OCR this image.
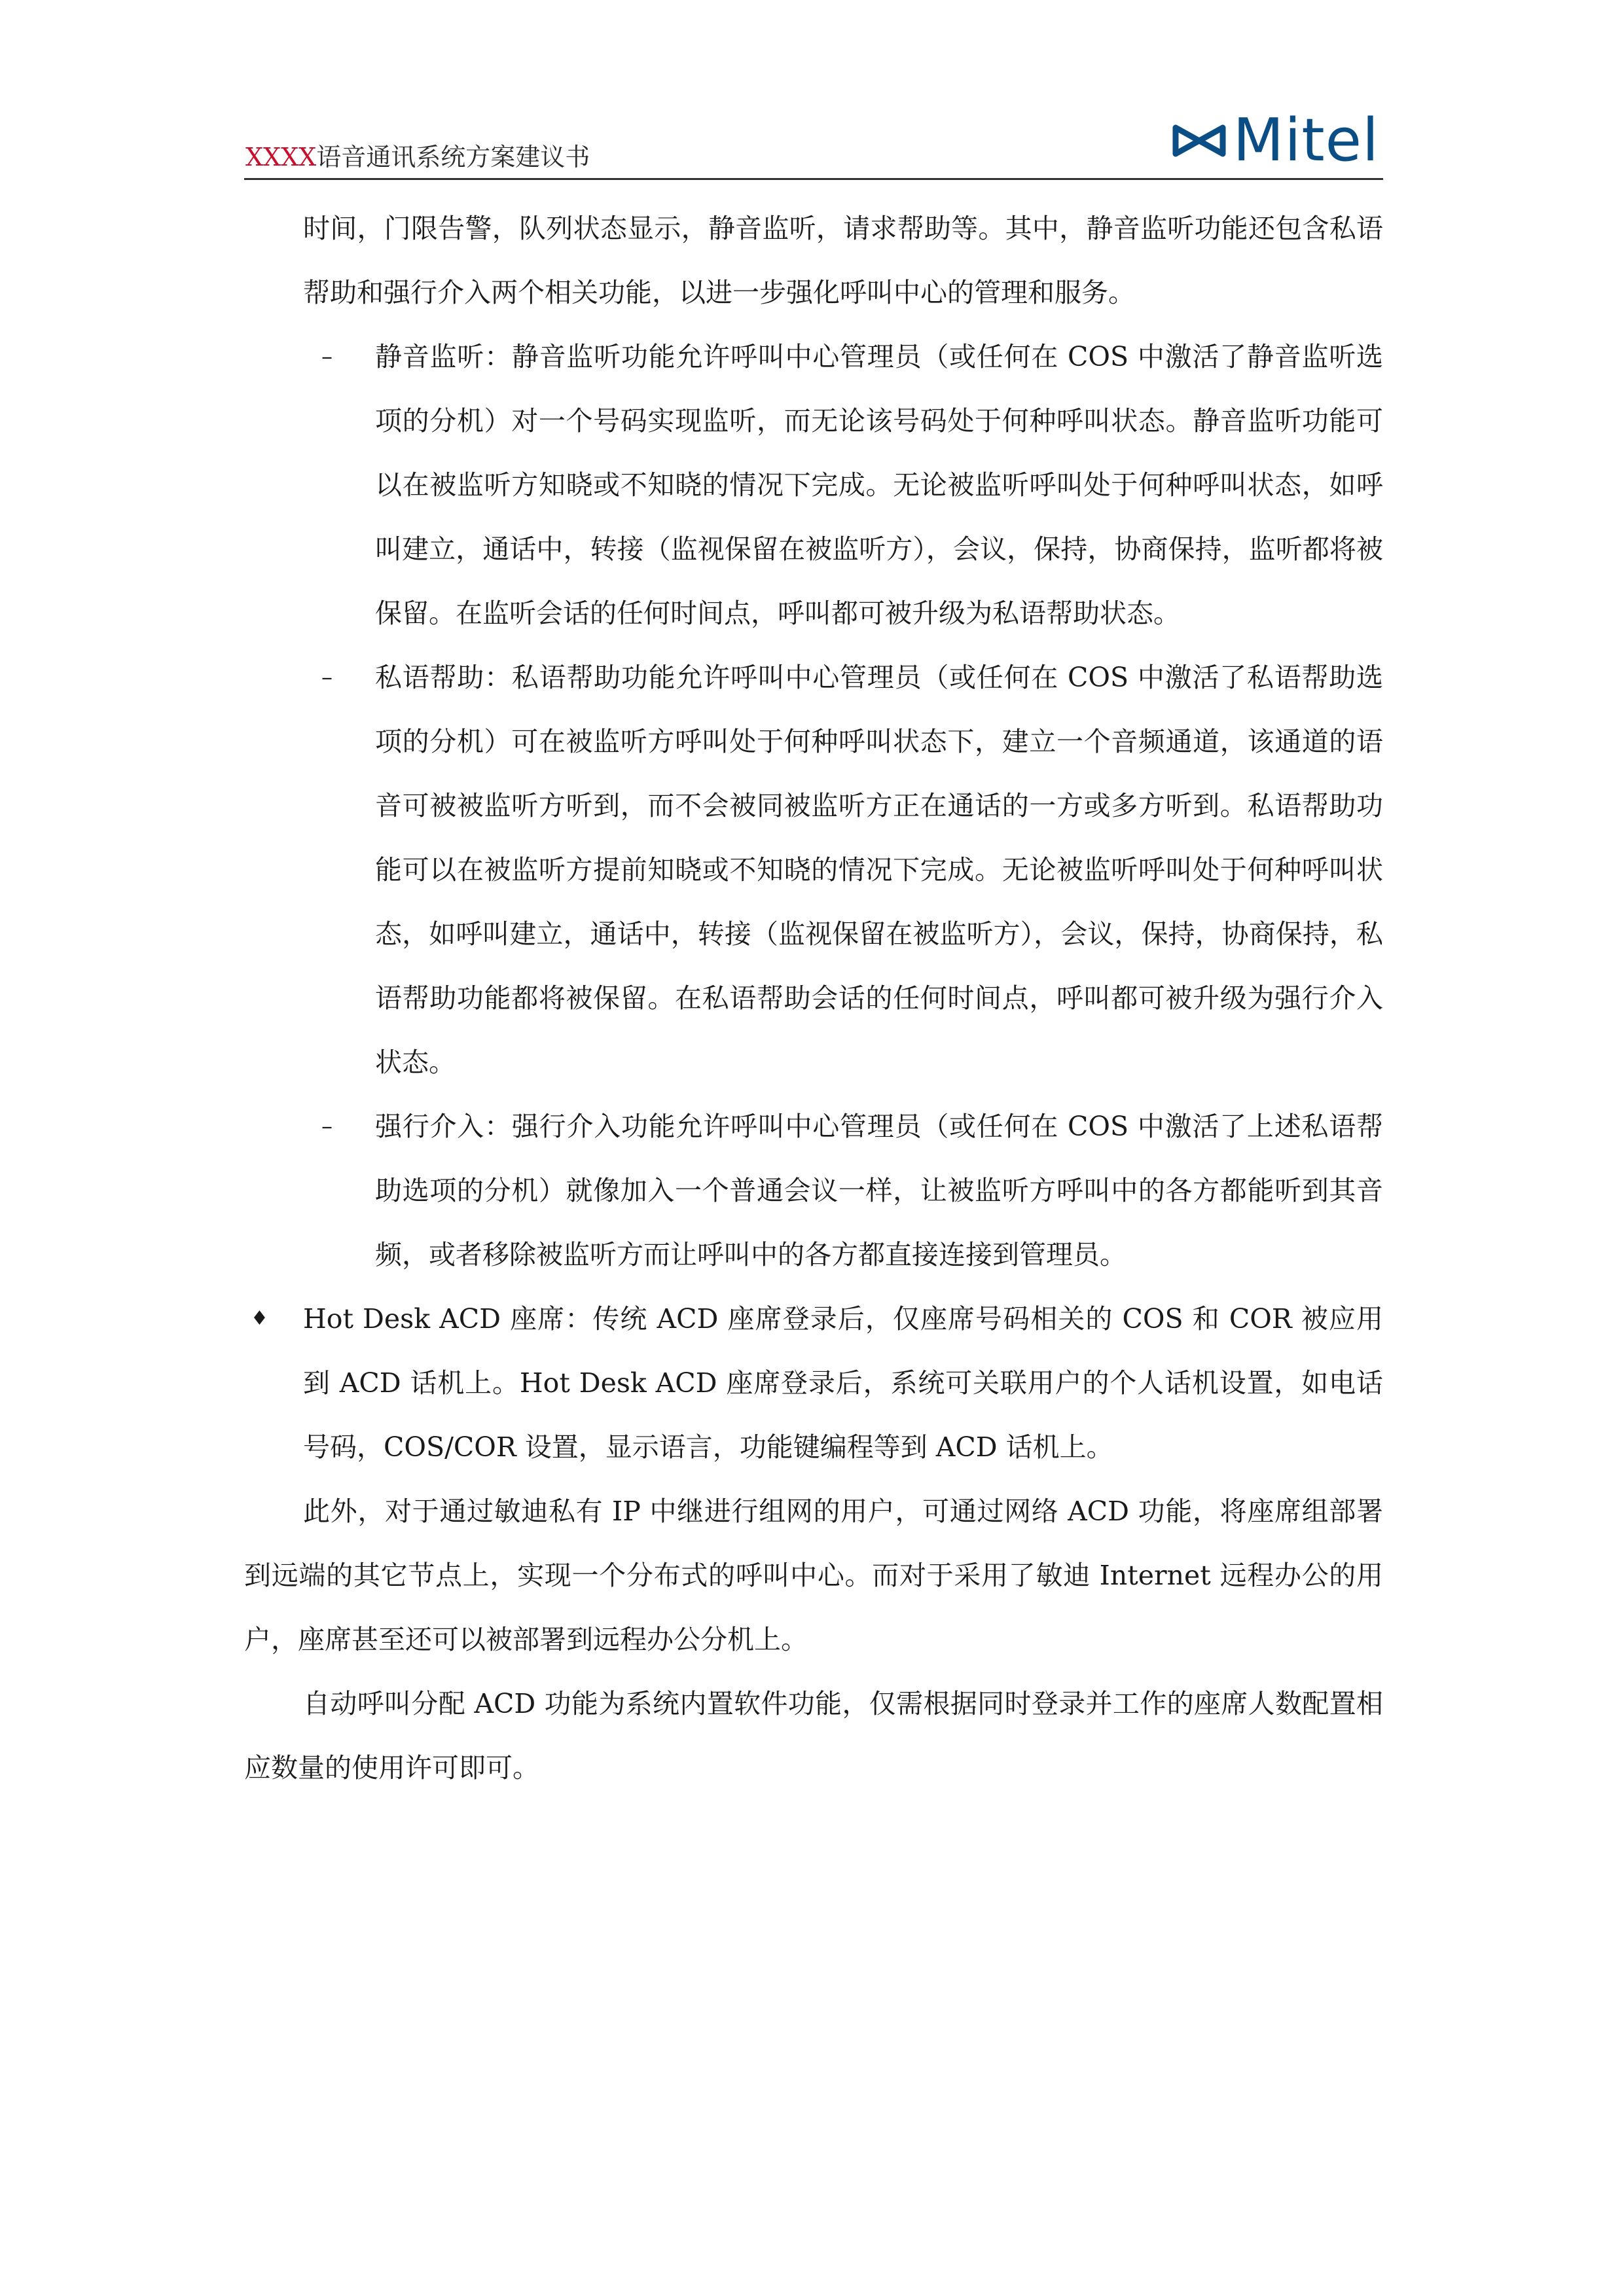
XXXX语音通讯系统方案建议书	Mitel

时间，门限告警，队列状态显示，静音监听，请求帮助等。其中，静音监听功能还包含私语帮助和强行介入两个相关功能，以进一步强化呼叫中心的管理和服务。

– 静音监听：静音监听功能允许呼叫中心管理员（或任何在 COS 中激活了静音监听选项的分机）对一个号码实现监听，而无论该号码处于何种呼叫状态。静音监听功能可以在被监听方知晓或不知晓的情况下完成。无论被监听呼叫处于何种呼叫状态，如呼叫建立，通话中，转接（监视保留在被监听方），会议，保持，协商保持，监听都将被保留。在监听会话的任何时间点，呼叫都可被升级为私语帮助状态。
– 私语帮助：私语帮助功能允许呼叫中心管理员（或任何在 COS 中激活了私语帮助选项的分机）可在被监听方呼叫处于何种呼叫状态下，建立一个音频通道，该通道的语音可被被监听方听到，而不会被同被监听方正在通话的一方或多方听到。私语帮助功能可以在被监听方提前知晓或不知晓的情况下完成。无论被监听呼叫处于何种呼叫状态，如呼叫建立，通话中，转接（监视保留在被监听方），会议，保持，协商保持，私语帮助功能都将被保留。在私语帮助会话的任何时间点，呼叫都可被升级为强行介入状态。
– 强行介入：强行介入功能允许呼叫中心管理员（或任何在 COS 中激活了上述私语帮助选项的分机）就像加入一个普通会议一样，让被监听方呼叫中的各方都能听到其音频，或者移除被监听方而让呼叫中的各方都直接连接到管理员。
♦ Hot Desk ACD 座席：传统 ACD 座席登录后，仅座席号码相关的 COS 和 COR 被应用到 ACD 话机上。Hot Desk ACD 座席登录后，系统可关联用户的个人话机设置，如电话号码，COS/COR 设置，显示语言，功能键编程等到 ACD 话机上。

此外，对于通过敏迪私有 IP 中继进行组网的用户，可通过网络 ACD 功能，将座席组部署到远端的其它节点上，实现一个分布式的呼叫中心。而对于采用了敏迪 Internet 远程办公的用户，座席甚至还可以被部署到远程办公分机上。

自动呼叫分配 ACD 功能为系统内置软件功能，仅需根据同时登录并工作的座席人数配置相应数量的使用许可即可。
